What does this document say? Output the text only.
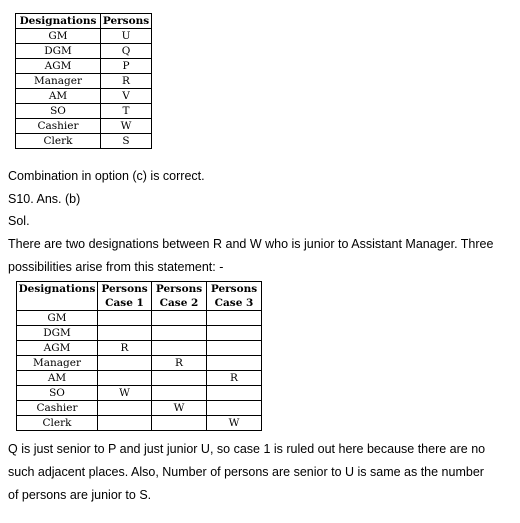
Designations	Persons
GM	U
DGM	Q
AGM	P
Manager	R
AM	V
SO	T
Cashier	W
Clerk	S

Combination in option (c) is correct.

S10. Ans. (b)

Sol.

There are two designations between R and W who is junior to Assistant Manager. Three

possibilities arise from this statement: -

Designations	Persons	Persons	Persons
	Case 1	Case 2	Case 3
GM			
DGM			
AGM	R		
Manager		R	
AM			R
SO	W		
Cashier		W	
Clerk			W

Q is just senior to P and just junior U, so case 1 is ruled out here because there are no

such adjacent places. Also, Number of persons are senior to U is same as the number

of persons are junior to S.
